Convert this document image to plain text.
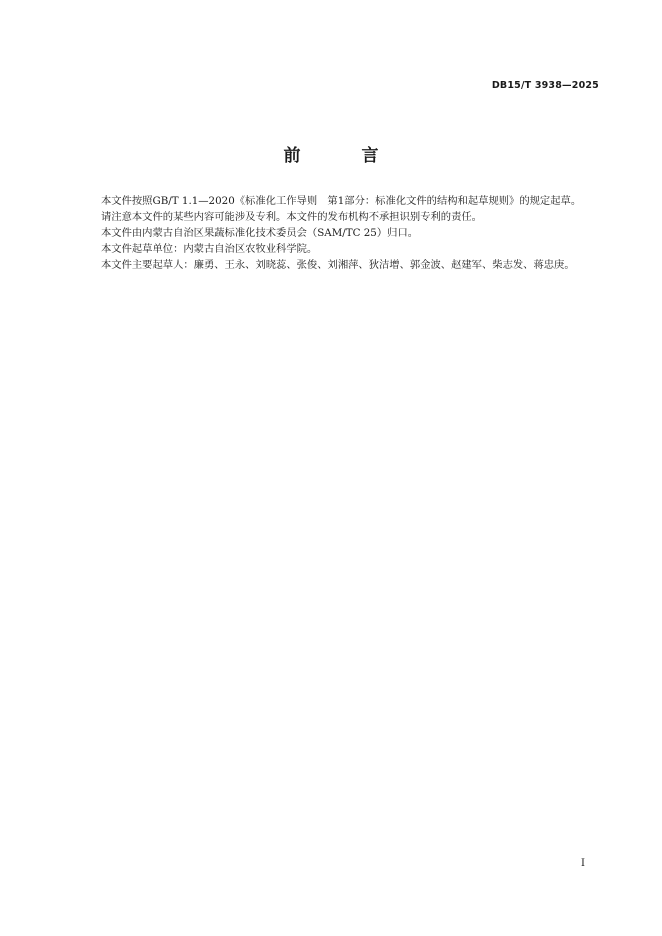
DB15/T 3938—2025
前　言

本文件按照GB/T 1.1—2020《标准化工作导则　第1部分：标准化文件的结构和起草规则》的规定起草。

请注意本文件的某些内容可能涉及专利。本文件的发布机构不承担识别专利的责任。

本文件由内蒙古自治区果蔬标准化技术委员会（SAM/TC 25）归口。

本文件起草单位：内蒙古自治区农牧业科学院。

本文件主要起草人：廉勇、王永、刘晓蕊、张俊、刘湘萍、狄洁增、郭金波、赵建军、柴志发、蒋忠庚。

I
